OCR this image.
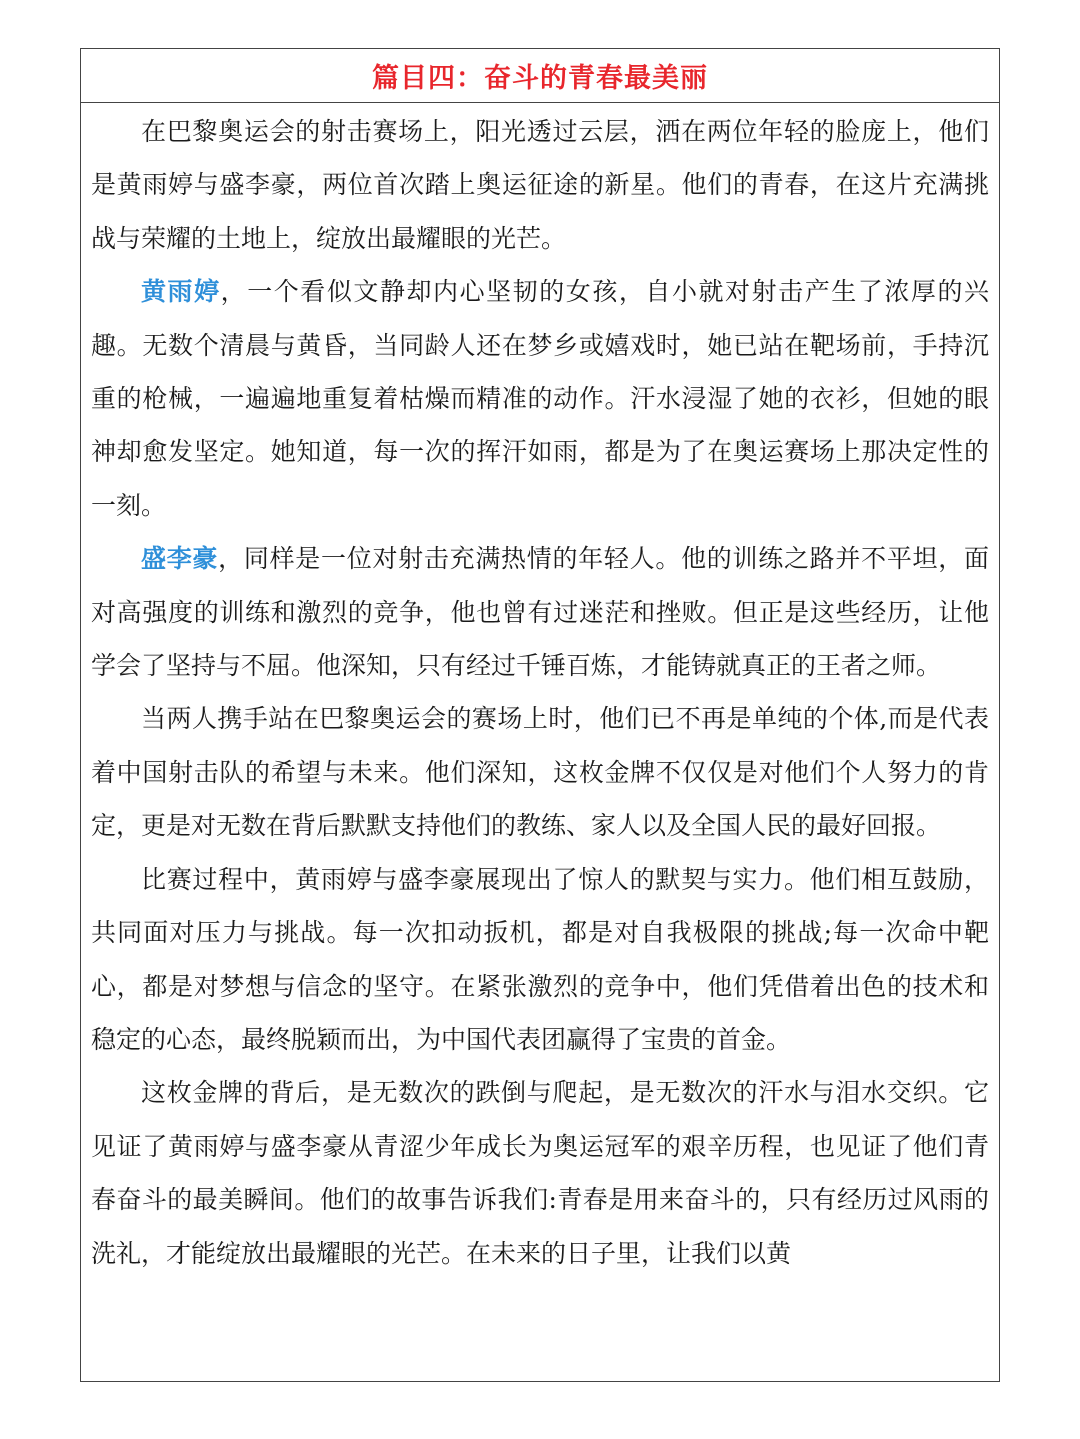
篇目四：奋斗的青春最美丽

在巴黎奥运会的射击赛场上，阳光透过云层，洒在两位年轻的脸庞上，他们是黄雨婷与盛李豪，两位首次踏上奥运征途的新星。他们的青春，在这片充满挑战与荣耀的土地上，绽放出最耀眼的光芒。

黄雨婷，一个看似文静却内心坚韧的女孩，自小就对射击产生了浓厚的兴趣。无数个清晨与黄昏，当同龄人还在梦乡或嬉戏时，她已站在靶场前，手持沉重的枪械，一遍遍地重复着枯燥而精准的动作。汗水浸湿了她的衣衫，但她的眼神却愈发坚定。她知道，每一次的挥汗如雨，都是为了在奥运赛场上那决定性的一刻。

盛李豪，同样是一位对射击充满热情的年轻人。他的训练之路并不平坦，面对高强度的训练和激烈的竞争，他也曾有过迷茫和挫败。但正是这些经历，让他学会了坚持与不屈。他深知，只有经过千锤百炼，才能铸就真正的王者之师。

当两人携手站在巴黎奥运会的赛场上时，他们已不再是单纯的个体,而是代表着中国射击队的希望与未来。他们深知，这枚金牌不仅仅是对他们个人努力的肯定，更是对无数在背后默默支持他们的教练、家人以及全国人民的最好回报。

比赛过程中，黄雨婷与盛李豪展现出了惊人的默契与实力。他们相互鼓励，共同面对压力与挑战。每一次扣动扳机，都是对自我极限的挑战;每一次命中靶心，都是对梦想与信念的坚守。在紧张激烈的竞争中，他们凭借着出色的技术和稳定的心态，最终脱颖而出，为中国代表团赢得了宝贵的首金。

这枚金牌的背后，是无数次的跌倒与爬起，是无数次的汗水与泪水交织。它见证了黄雨婷与盛李豪从青涩少年成长为奥运冠军的艰辛历程，也见证了他们青春奋斗的最美瞬间。他们的故事告诉我们:青春是用来奋斗的，只有经历过风雨的洗礼，才能绽放出最耀眼的光芒。在未来的日子里，让我们以黄
